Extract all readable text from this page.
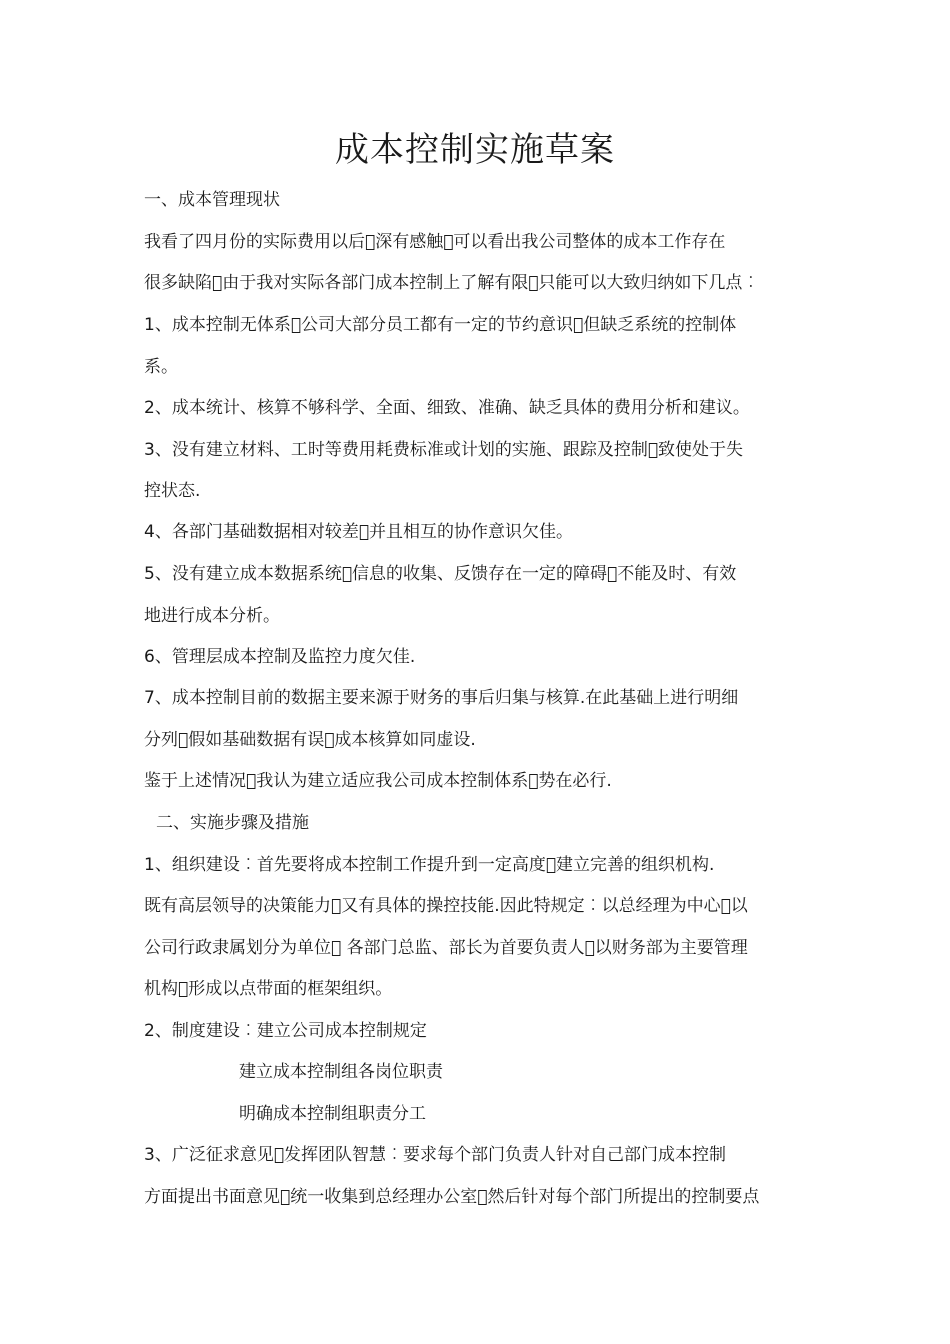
成本控制实施草案
一、成本管理现状
我看了四月份的实际费用以后 深有感触 可以看出我公司整体的成本工作存在
很多缺陷 由于我对实际各部门成本控制上了解有限 只能可以大致归纳如下几点︰
1、成本控制无体系 公司大部分员工都有一定的节约意识 但缺乏系统的控制体
系。
2、成本统计、核算不够科学、全面、细致、准确、缺乏具体的费用分析和建议。
3、没有建立材料、工时等费用耗费标准或计划的实施、跟踪及控制 致使处于失
控状态.
4、各部门基础数据相对较差 并且相互的协作意识欠佳。
5、没有建立成本数据系统 信息的收集、反馈存在一定的障碍 不能及时、有效
地进行成本分析。
6、管理层成本控制及监控力度欠佳.
7、成本控制目前的数据主要来源于财务的事后归集与核算.在此基础上进行明细
分列 假如基础数据有误 成本核算如同虚设.
鉴于上述情况 我认为建立适应我公司成本控制体系 势在必行.
二、实施步骤及措施
1、组织建设︰首先要将成本控制工作提升到一定高度 建立完善的组织机构.
既有高层领导的决策能力 又有具体的操控技能.因此特规定︰以总经理为中心 以
公司行政隶属划分为单位  各部门总监、部长为首要负责人 以财务部为主要管理
机构 形成以点带面的框架组织。
2、制度建设︰建立公司成本控制规定
建立成本控制组各岗位职责
明确成本控制组职责分工
3、广泛征求意见 发挥团队智慧︰要求每个部门负责人针对自己部门成本控制
方面提出书面意见 统一收集到总经理办公室 然后针对每个部门所提出的控制要点
